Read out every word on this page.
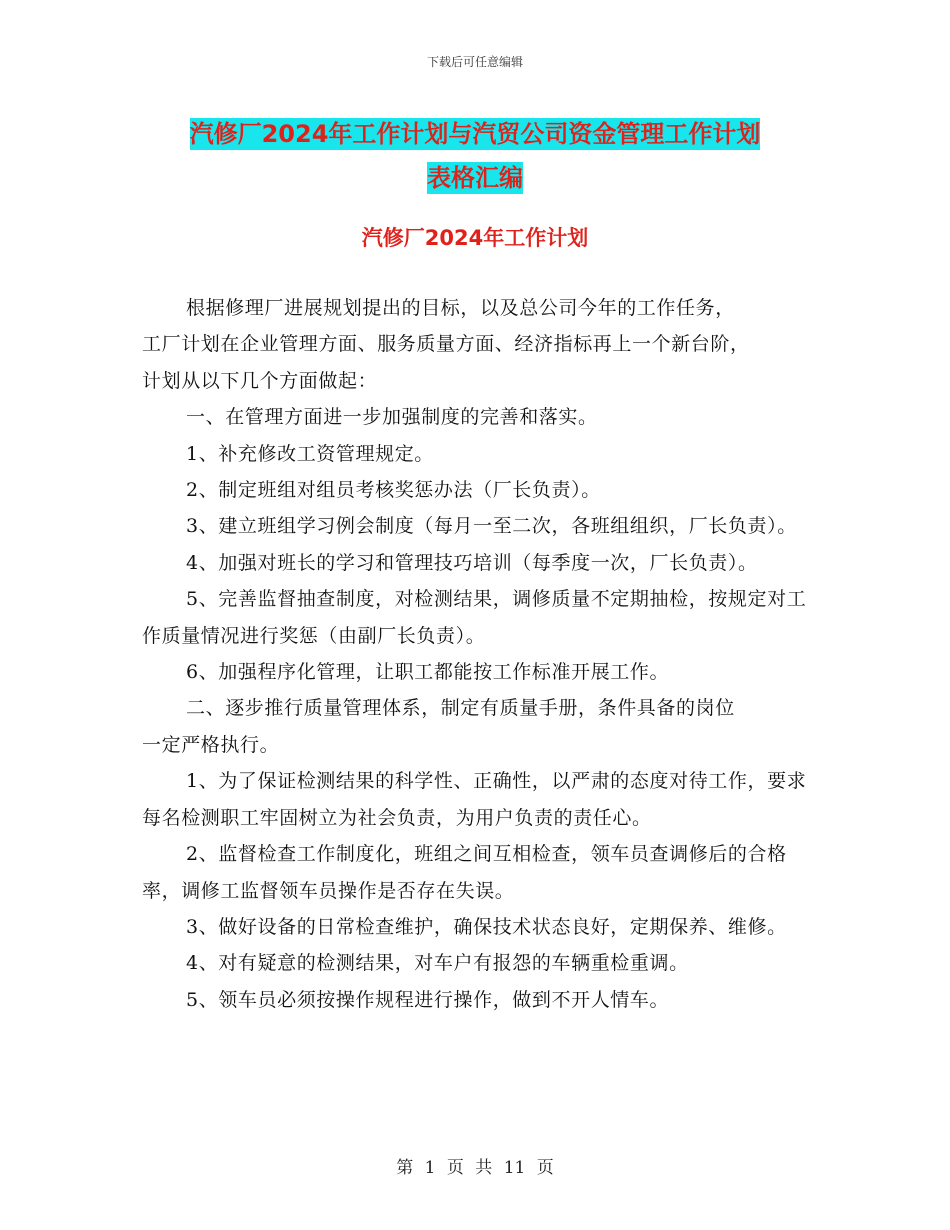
下载后可任意编辑
汽修厂2024年工作计划与汽贸公司资金管理工作计划
表格汇编
汽修厂2024年工作计划

根据修理厂进展规划提出的目标，以及总公司今年的工作任务，

工厂计划在企业管理方面、服务质量方面、经济指标再上一个新台阶，

计划从以下几个方面做起：

一、在管理方面进一步加强制度的完善和落实。

1、补充修改工资管理规定。

2、制定班组对组员考核奖惩办法（厂长负责）。

3、建立班组学习例会制度（每月一至二次，各班组组织，厂长负责）。

4、加强对班长的学习和管理技巧培训（每季度一次，厂长负责）。

5、完善监督抽查制度，对检测结果，调修质量不定期抽检，按规定对工作质量情况进行奖惩（由副厂长负责）。

6、加强程序化管理，让职工都能按工作标准开展工作。

二、逐步推行质量管理体系，制定有质量手册，条件具备的岗位

一定严格执行。

1、为了保证检测结果的科学性、正确性，以严肃的态度对待工作，要求每名检测职工牢固树立为社会负责，为用户负责的责任心。

2、监督检查工作制度化，班组之间互相检查，领车员查调修后的合格率，调修工监督领车员操作是否存在失误。

3、做好设备的日常检查维护，确保技术状态良好，定期保养、维修。

4、对有疑意的检测结果，对车户有报怨的车辆重检重调。

5、领车员必须按操作规程进行操作，做到不开人情车。

第 1 页 共 11 页
